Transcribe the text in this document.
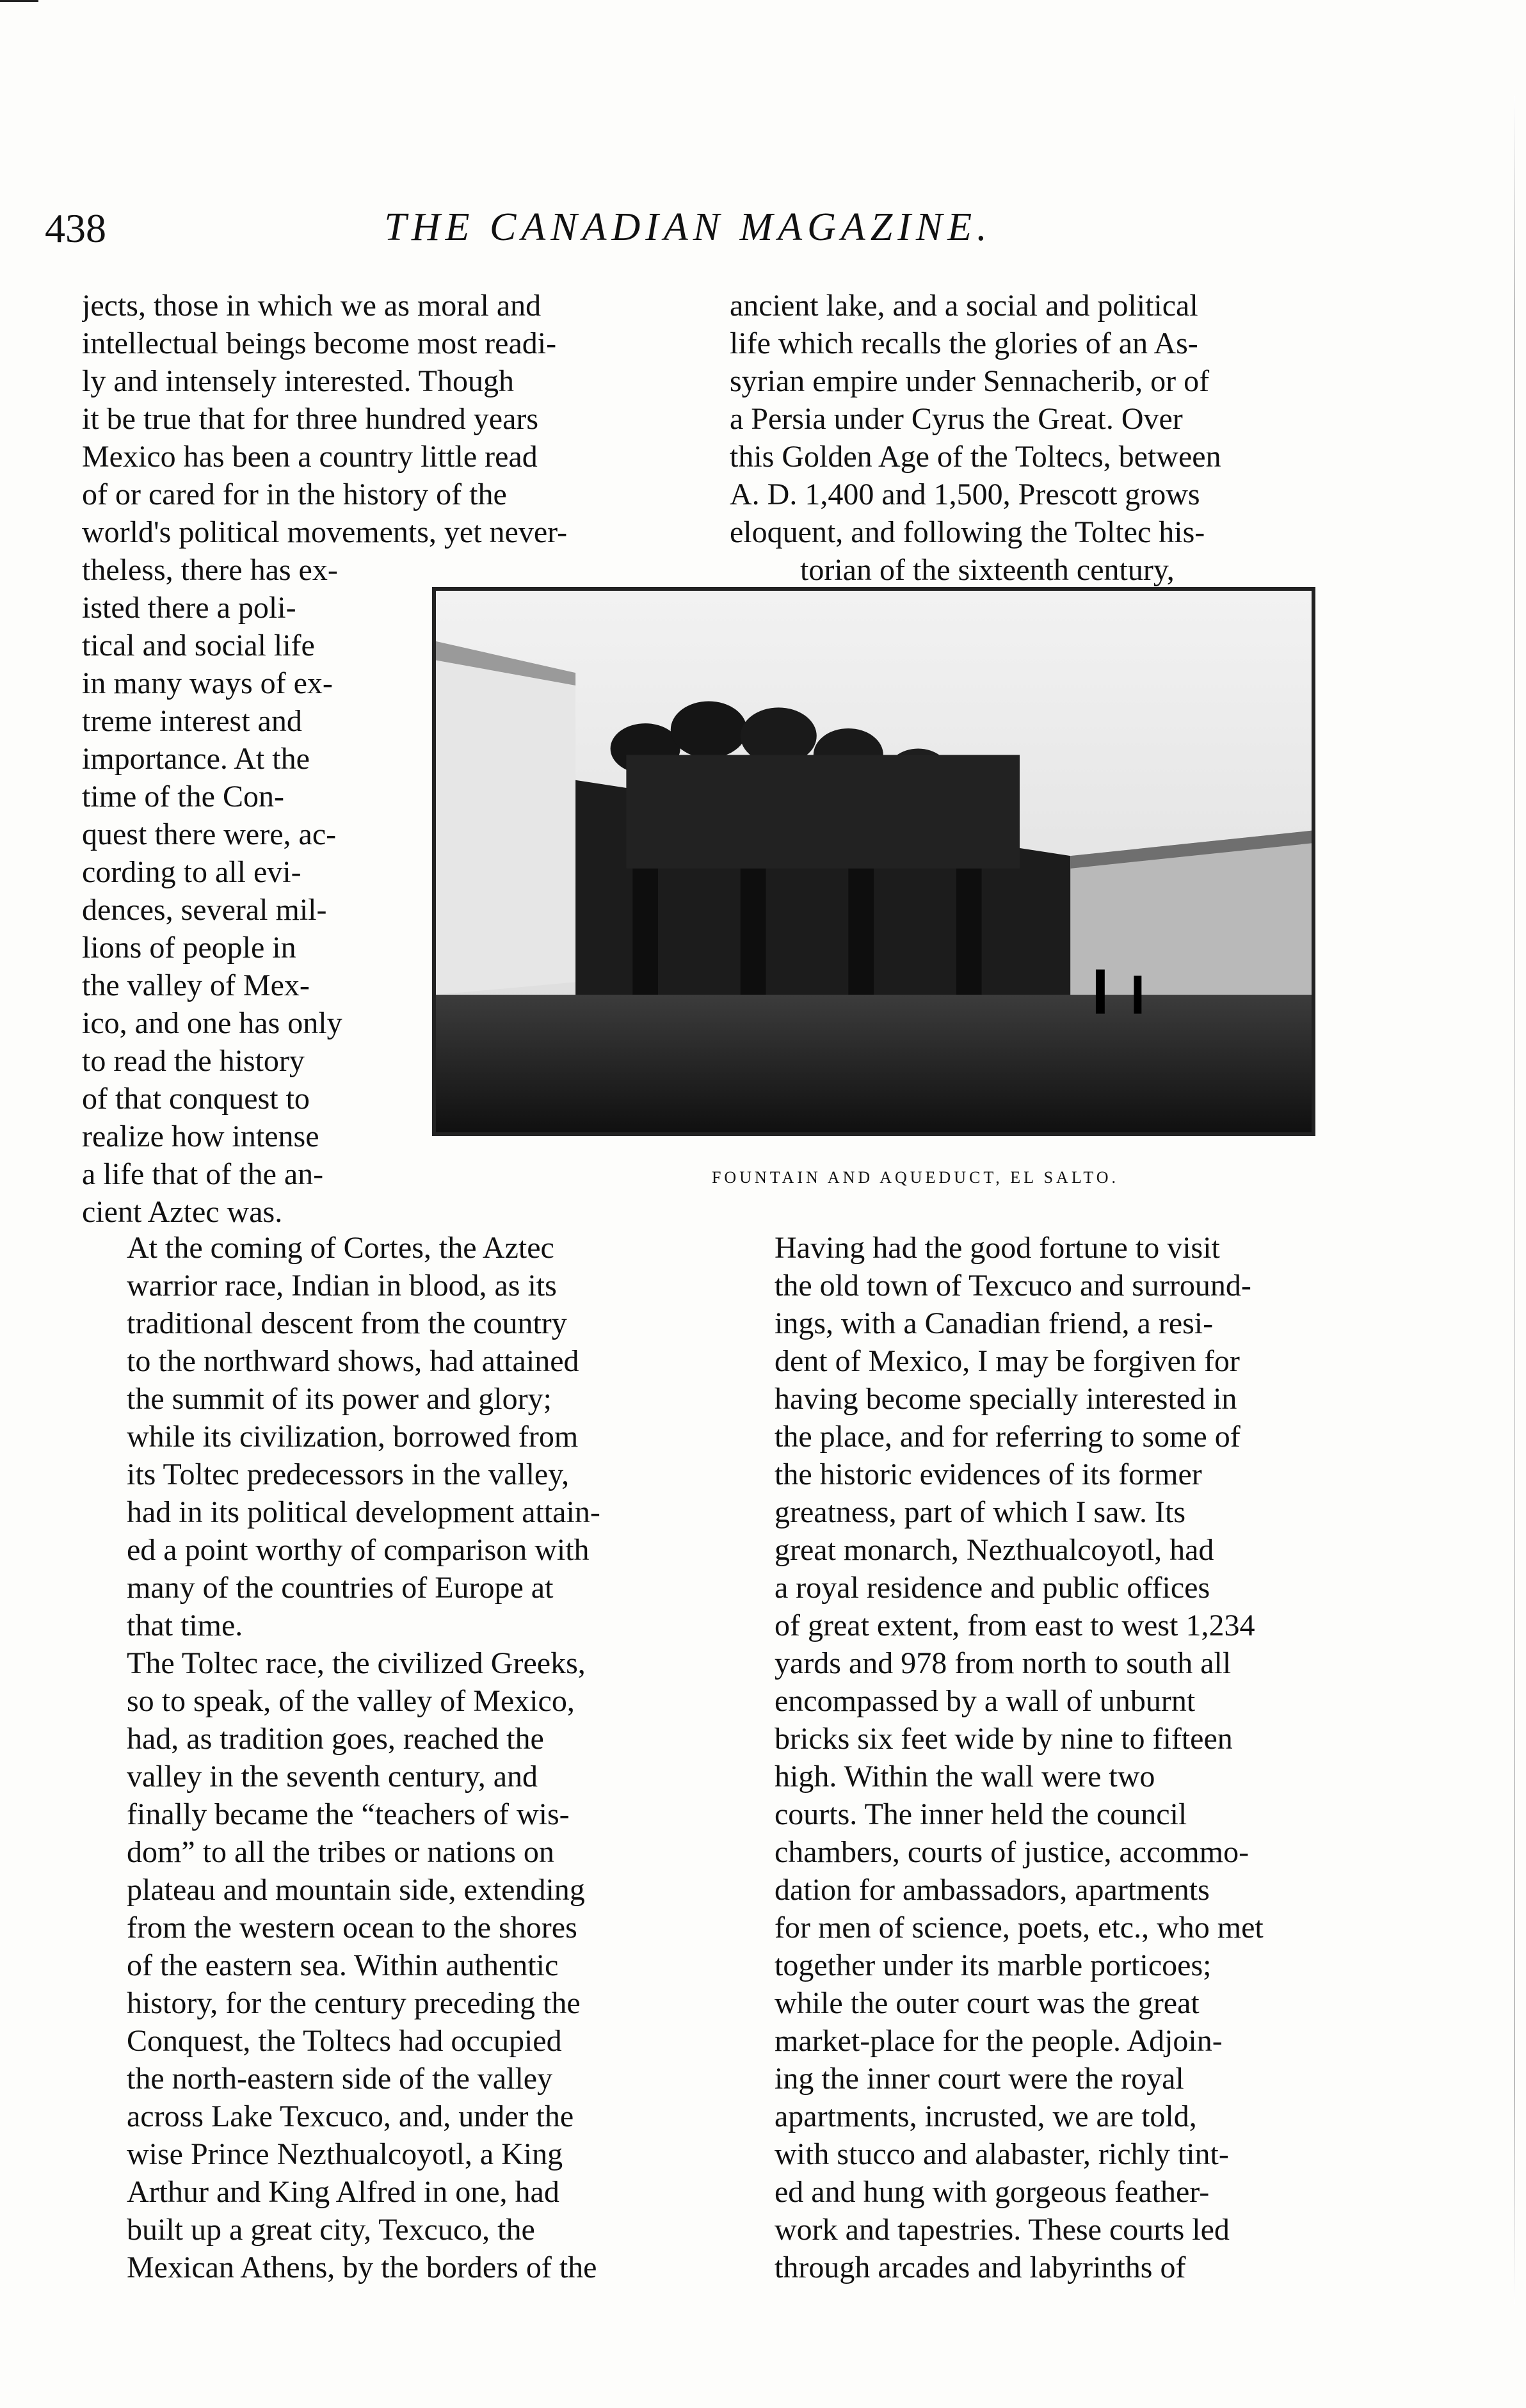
438	THE CANADIAN MAGAZINE.
jects, those in which we as moral and
intellectual beings become most readi-
ly and intensely interested. Though
it be true that for three hundred years
Mexico has been a country little read
of or cared for in the history of the
world's political movements, yet never-
theless, there has ex-
isted there a poli-
tical and social life
in many ways of ex-
treme interest and
importance. At the
time of the Con-
quest there were, ac-
cording to all evi-
dences, several mil-
lions of people in
the valley of Mex-
ico, and one has only
to read the history
of that conquest to
realize how intense
a life that of the an-
cient Aztec was.
ancient lake, and a social and political
life which recalls the glories of an As-
syrian empire under Sennacherib, or of
a Persia under Cyrus the Great. Over
this Golden Age of the Toltecs, between
A. D. 1,400 and 1,500, Prescott grows
eloquent, and following the Toltec his-
torian of the sixteenth century,
FOUNTAIN AND AQUEDUCT, EL SALTO.

At the coming of Cortes, the Aztec
warrior race, Indian in blood, as its
traditional descent from the country
to the northward shows, had attained
the summit of its power and glory;
while its civilization, borrowed from
its Toltec predecessors in the valley,
had in its political development attain-
ed a point worthy of comparison with
many of the countries of Europe at
that time.

The Toltec race, the civilized Greeks,
so to speak, of the valley of Mexico,
had, as tradition goes, reached the
valley in the seventh century, and
finally became the “teachers of wis-
dom” to all the tribes or nations on
plateau and mountain side, extending
from the western ocean to the shores
of the eastern sea. Within authentic
history, for the century preceding the
Conquest, the Toltecs had occupied
the north-eastern side of the valley
across Lake Texcuco, and, under the
wise Prince Nezthualcoyotl, a King
Arthur and King Alfred in one, had
built up a great city, Texcuco, the
Mexican Athens, by the borders of the

Having had the good fortune to visit
the old town of Texcuco and surround-
ings, with a Canadian friend, a resi-
dent of Mexico, I may be forgiven for
having become specially interested in
the place, and for referring to some of
the historic evidences of its former
greatness, part of which I saw. Its
great monarch, Nezthualcoyotl, had
a royal residence and public offices
of great extent, from east to west 1,234
yards and 978 from north to south all
encompassed by a wall of unburnt
bricks six feet wide by nine to fifteen
high. Within the wall were two
courts. The inner held the council
chambers, courts of justice, accommo-
dation for ambassadors, apartments
for men of science, poets, etc., who met
together under its marble porticoes;
while the outer court was the great
market-place for the people. Adjoin-
ing the inner court were the royal
apartments, incrusted, we are told,
with stucco and alabaster, richly tint-
ed and hung with gorgeous feather-
work and tapestries. These courts led
through arcades and labyrinths of
